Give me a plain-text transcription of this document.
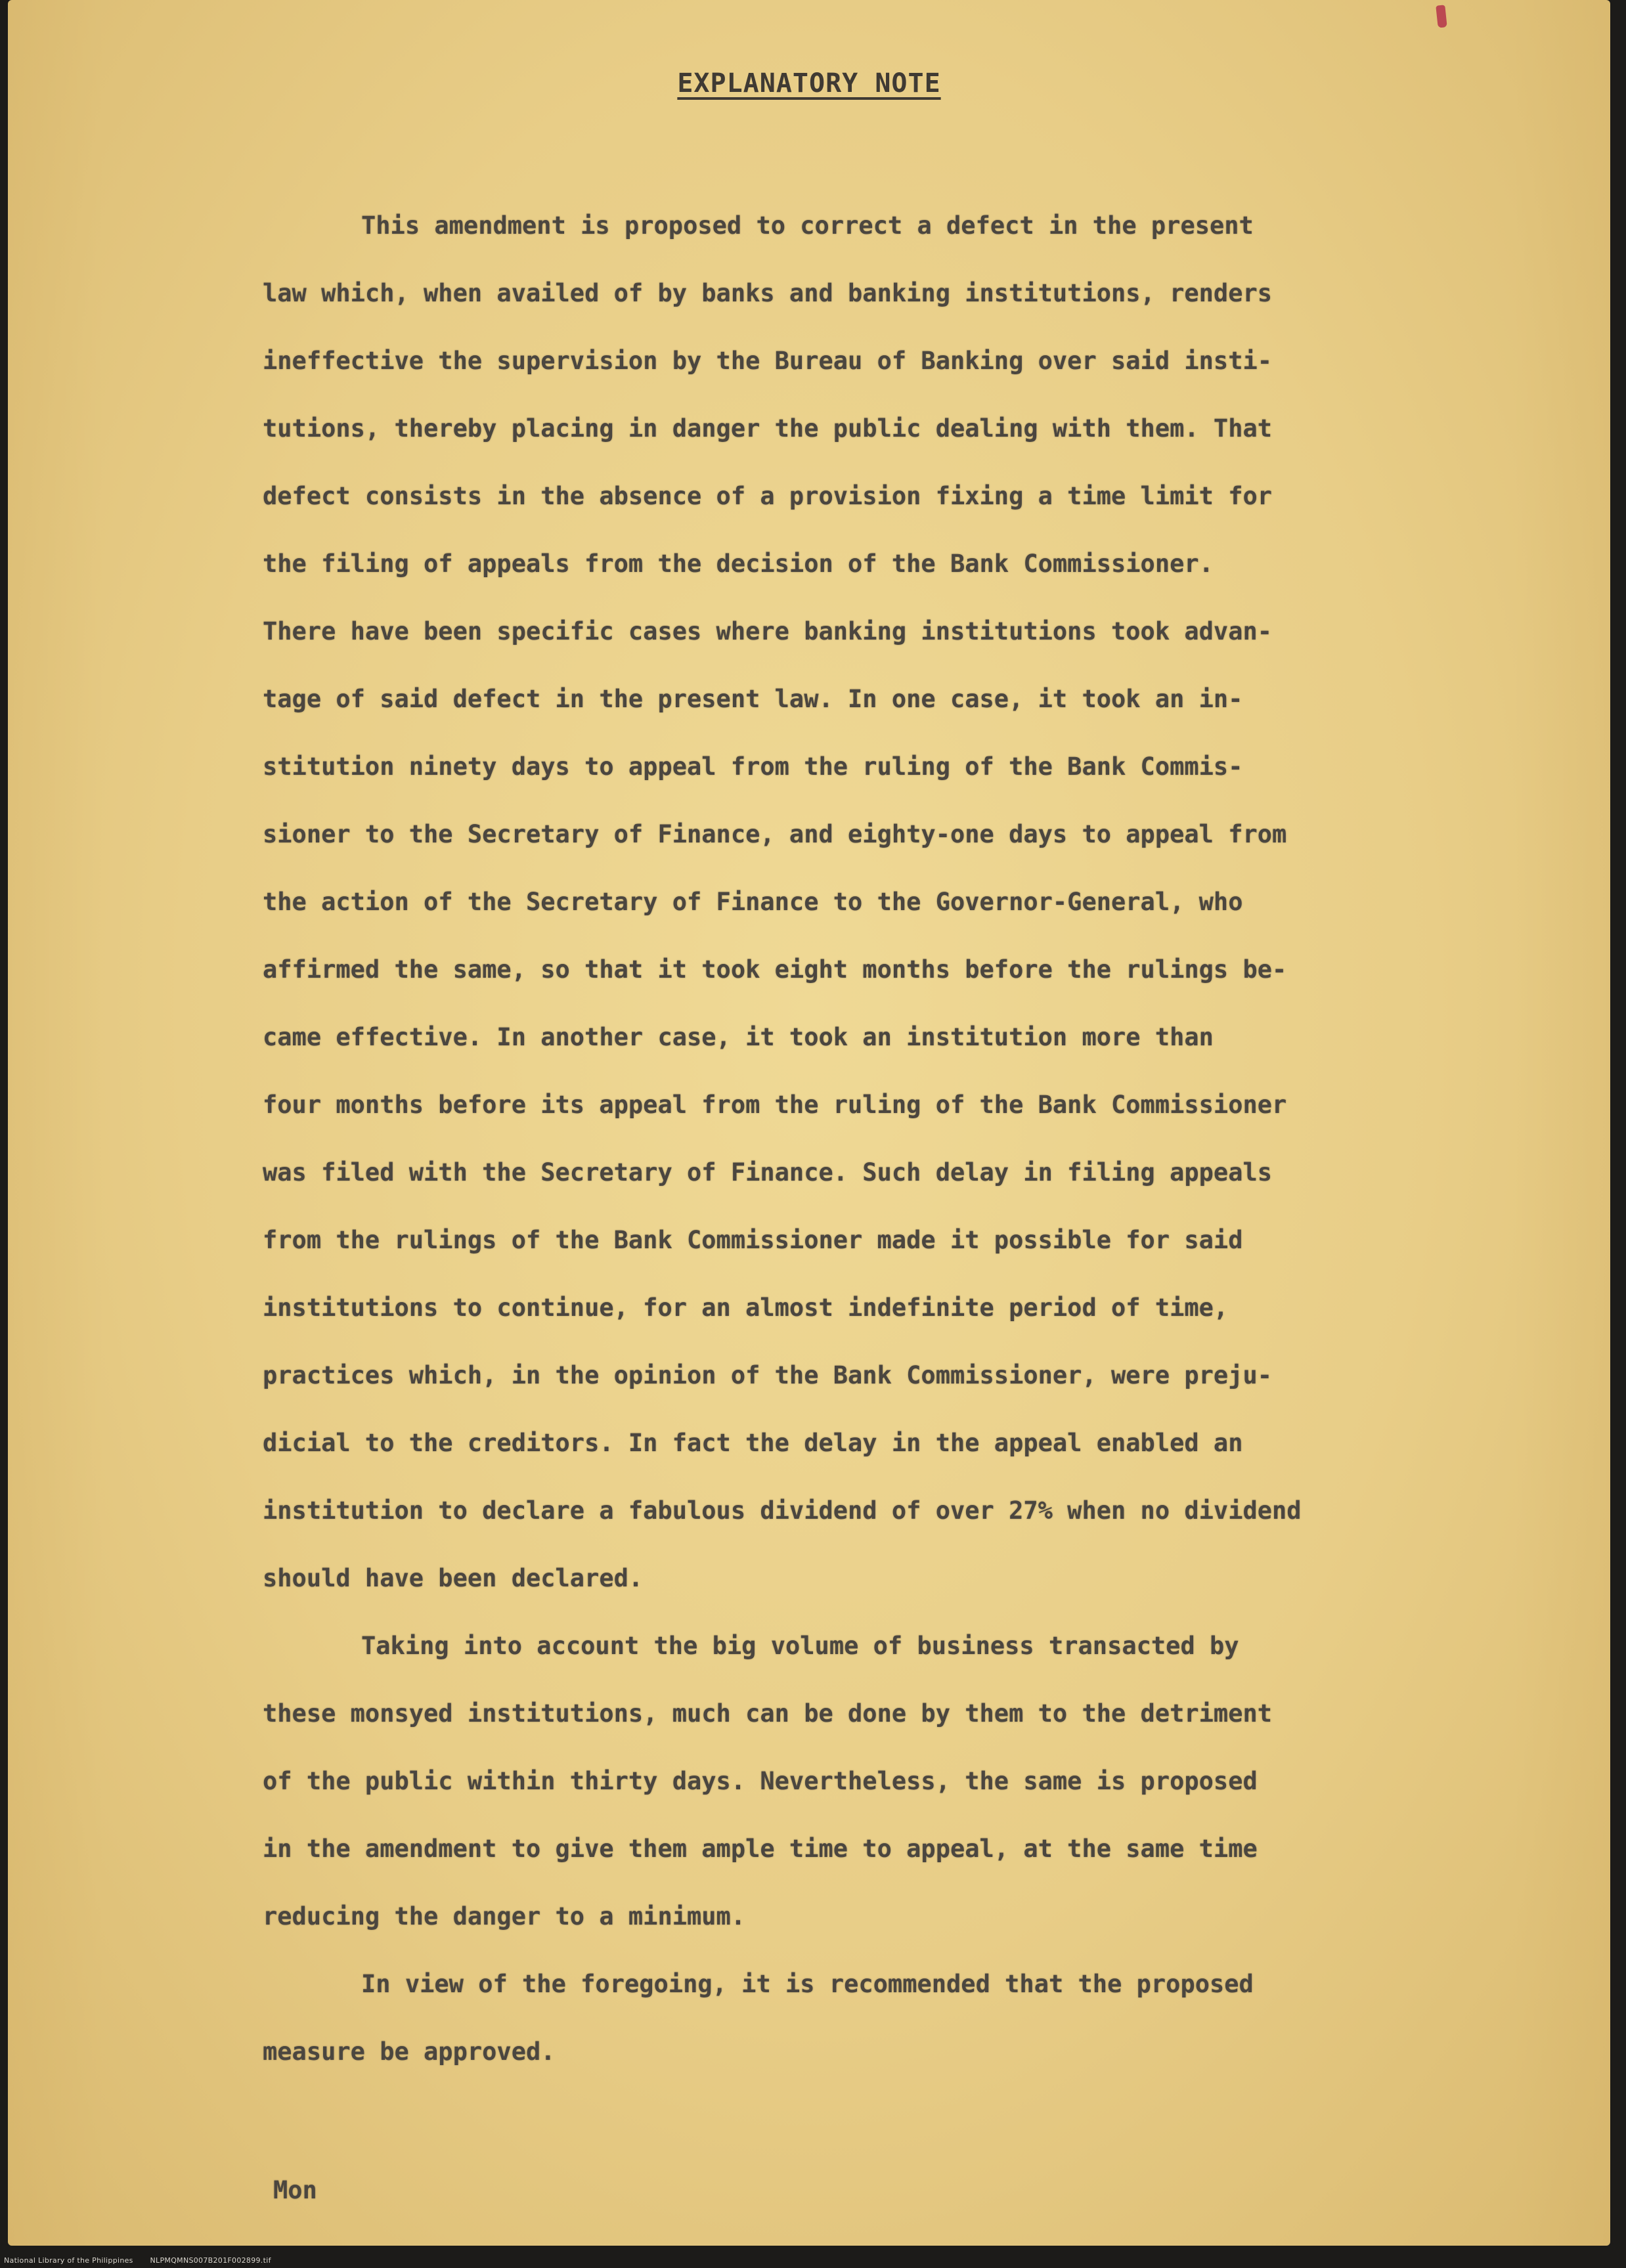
EXPLANATORY NOTE
This amendment is proposed to correct a defect in the present
law which, when availed of by banks and banking institutions, renders
ineffective the supervision by the Bureau of Banking over said insti-
tutions, thereby placing in danger the public dealing with them. That
defect consists in the absence of a provision fixing a time limit for
the filing of appeals from the decision of the Bank Commissioner.
There have been specific cases where banking institutions took advan-
tage of said defect in the present law. In one case, it took an in-
stitution ninety days to appeal from the ruling of the Bank Commis-
sioner to the Secretary of Finance, and eighty-one days to appeal from
the action of the Secretary of Finance to the Governor-General, who
affirmed the same, so that it took eight months before the rulings be-
came effective. In another case, it took an institution more than
four months before its appeal from the ruling of the Bank Commissioner
was filed with the Secretary of Finance. Such delay in filing appeals
from the rulings of the Bank Commissioner made it possible for said
institutions to continue, for an almost indefinite period of time,
practices which, in the opinion of the Bank Commissioner, were preju-
dicial to the creditors. In fact the delay in the appeal enabled an
institution to declare a fabulous dividend of over 27% when no dividend
should have been declared.
Taking into account the big volume of business transacted by
these monsyed institutions, much can be done by them to the detriment
of the public within thirty days. Nevertheless, the same is proposed
in the amendment to give them ample time to appeal, at the same time
reducing the danger to a minimum.
In view of the foregoing, it is recommended that the proposed
measure be approved.
Mon
National Library of the Philippines NLPMQMNS007B201F002899.tif
